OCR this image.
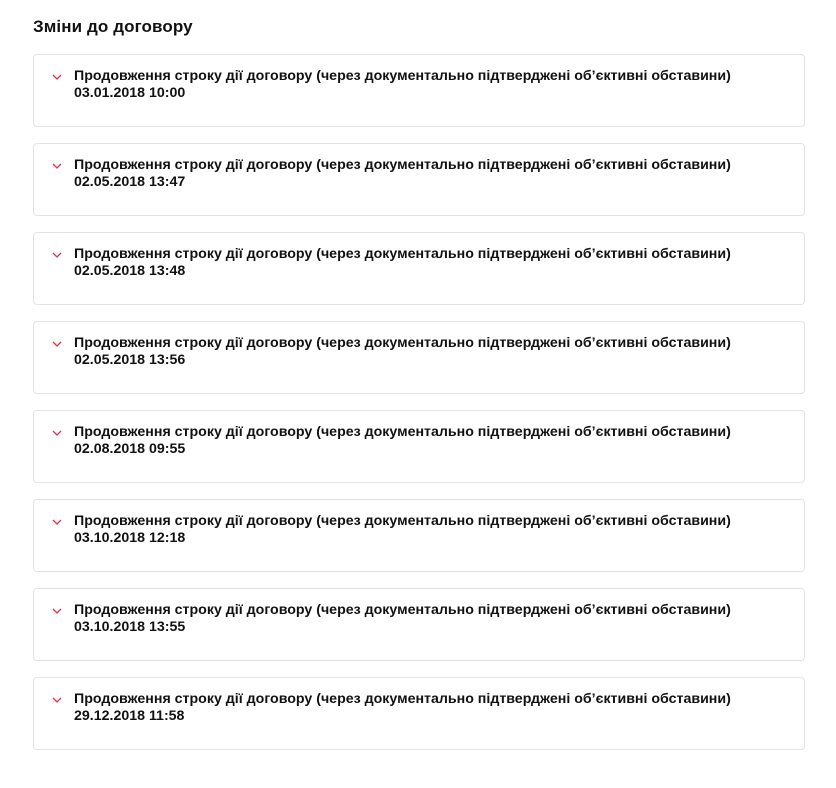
Зміни до договору
Продовження строку дії договору (через документально підтверджені об’єктивні обставини)
03.01.2018 10:00
Продовження строку дії договору (через документально підтверджені об’єктивні обставини)
02.05.2018 13:47
Продовження строку дії договору (через документально підтверджені об’єктивні обставини)
02.05.2018 13:48
Продовження строку дії договору (через документально підтверджені об’єктивні обставини)
02.05.2018 13:56
Продовження строку дії договору (через документально підтверджені об’єктивні обставини)
02.08.2018 09:55
Продовження строку дії договору (через документально підтверджені об’єктивні обставини)
03.10.2018 12:18
Продовження строку дії договору (через документально підтверджені об’єктивні обставини)
03.10.2018 13:55
Продовження строку дії договору (через документально підтверджені об’єктивні обставини)
29.12.2018 11:58
